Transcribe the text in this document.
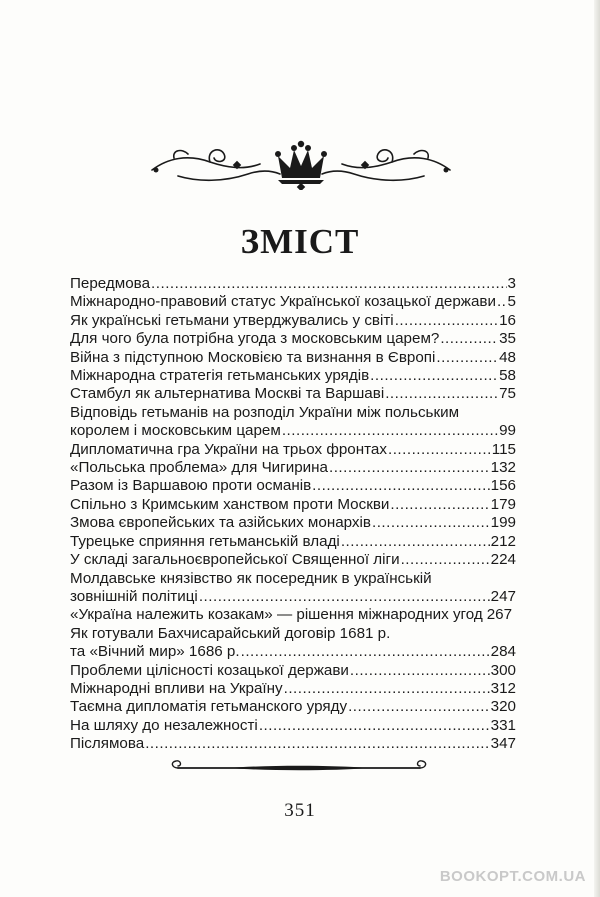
ЗМІСТ
Передмова .....	3
Міжнародно-правовий статус Української козацької держави ..... 5
Як українські гетьмани утверджувались у світі .....	16
Для чого була потрібна угода з московським царем? .....	35
Війна з підступною Московією та визнання в Європі .....	48
Міжнародна стратегія гетьманських урядів .....	58
Стамбул як альтернатива Москві та Варшаві .....	75
Відповідь гетьманів на розподіл України між польським
королем і московським царем .....	99
Дипломатична гра України на трьох фронтах .....	115
«Польська проблема» для Чигирина .....	132
Разом із Варшавою проти османів .....	156
Спільно з Кримським ханством проти Москви .....	179
Змова європейських та азійських монархів .....	199
Турецьке сприяння гетьманській владі .....	212
У складі загальноєвропейської Священної ліги .....	224
Молдавське князівство як посередник в українській
зовнішній політиці .....	247
«Україна належить козакам» — рішення міжнародних угод 267
Як готували Бахчисарайський договір 1681 р.
та «Вічний мир» 1686 р. .....	284
Проблеми цілісності козацької держави .....	300
Міжнародні впливи на Україну .....	312
Таємна дипломатія гетьманского уряду .....	320
На шляху до незалежності .....	331
Післямова .....	347
351
BOOKOPT.COM.UA
